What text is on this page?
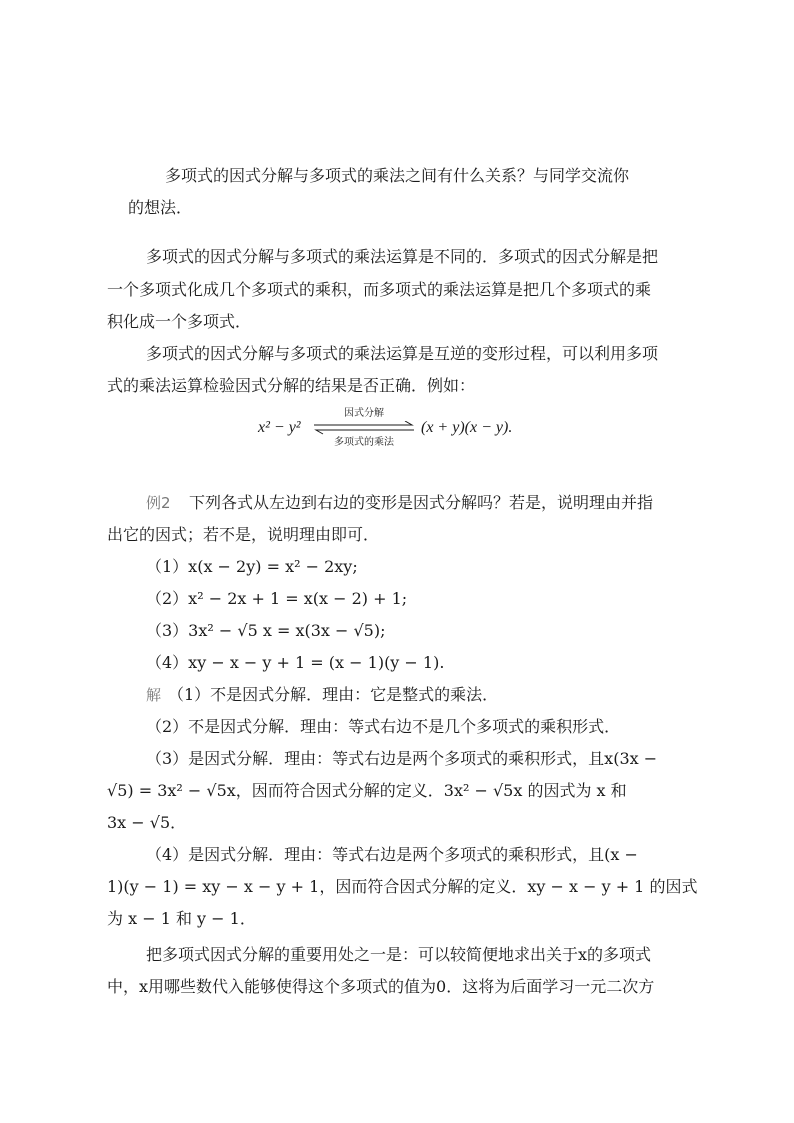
多项式的因式分解与多项式的乘法之间有什么关系？与同学交流你
的想法．
多项式的因式分解与多项式的乘法运算是不同的．多项式的因式分解是把
一个多项式化成几个多项式的乘积，而多项式的乘法运算是把几个多项式的乘
积化成一个多项式．
多项式的因式分解与多项式的乘法运算是互逆的变形过程，可以利用多项
式的乘法运算检验因式分解的结果是否正确．例如：
x² − y²
因式分解
多项式的乘法
(x + y)(x − y).
例2 下列各式从左边到右边的变形是因式分解吗？若是，说明理由并指
出它的因式；若不是，说明理由即可．
（1）x(x − 2y) = x² − 2xy;
（2）x² − 2x + 1 = x(x − 2) + 1;
（3）3x² − √5 x = x(3x − √5);
（4）xy − x − y + 1 = (x − 1)(y − 1).
解 （1）不是因式分解．理由：它是整式的乘法．
（2）不是因式分解．理由：等式右边不是几个多项式的乘积形式．
（3）是因式分解．理由：等式右边是两个多项式的乘积形式，且x(3x −
√5) = 3x² − √5x，因而符合因式分解的定义．3x² − √5x 的因式为 x 和
3x − √5．
（4）是因式分解．理由：等式右边是两个多项式的乘积形式，且(x −
1)(y − 1) = xy − x − y + 1，因而符合因式分解的定义．xy − x − y + 1 的因式
为 x − 1 和 y − 1．
把多项式因式分解的重要用处之一是：可以较简便地求出关于x的多项式
中，x用哪些数代入能够使得这个多项式的值为0．这将为后面学习一元二次方
